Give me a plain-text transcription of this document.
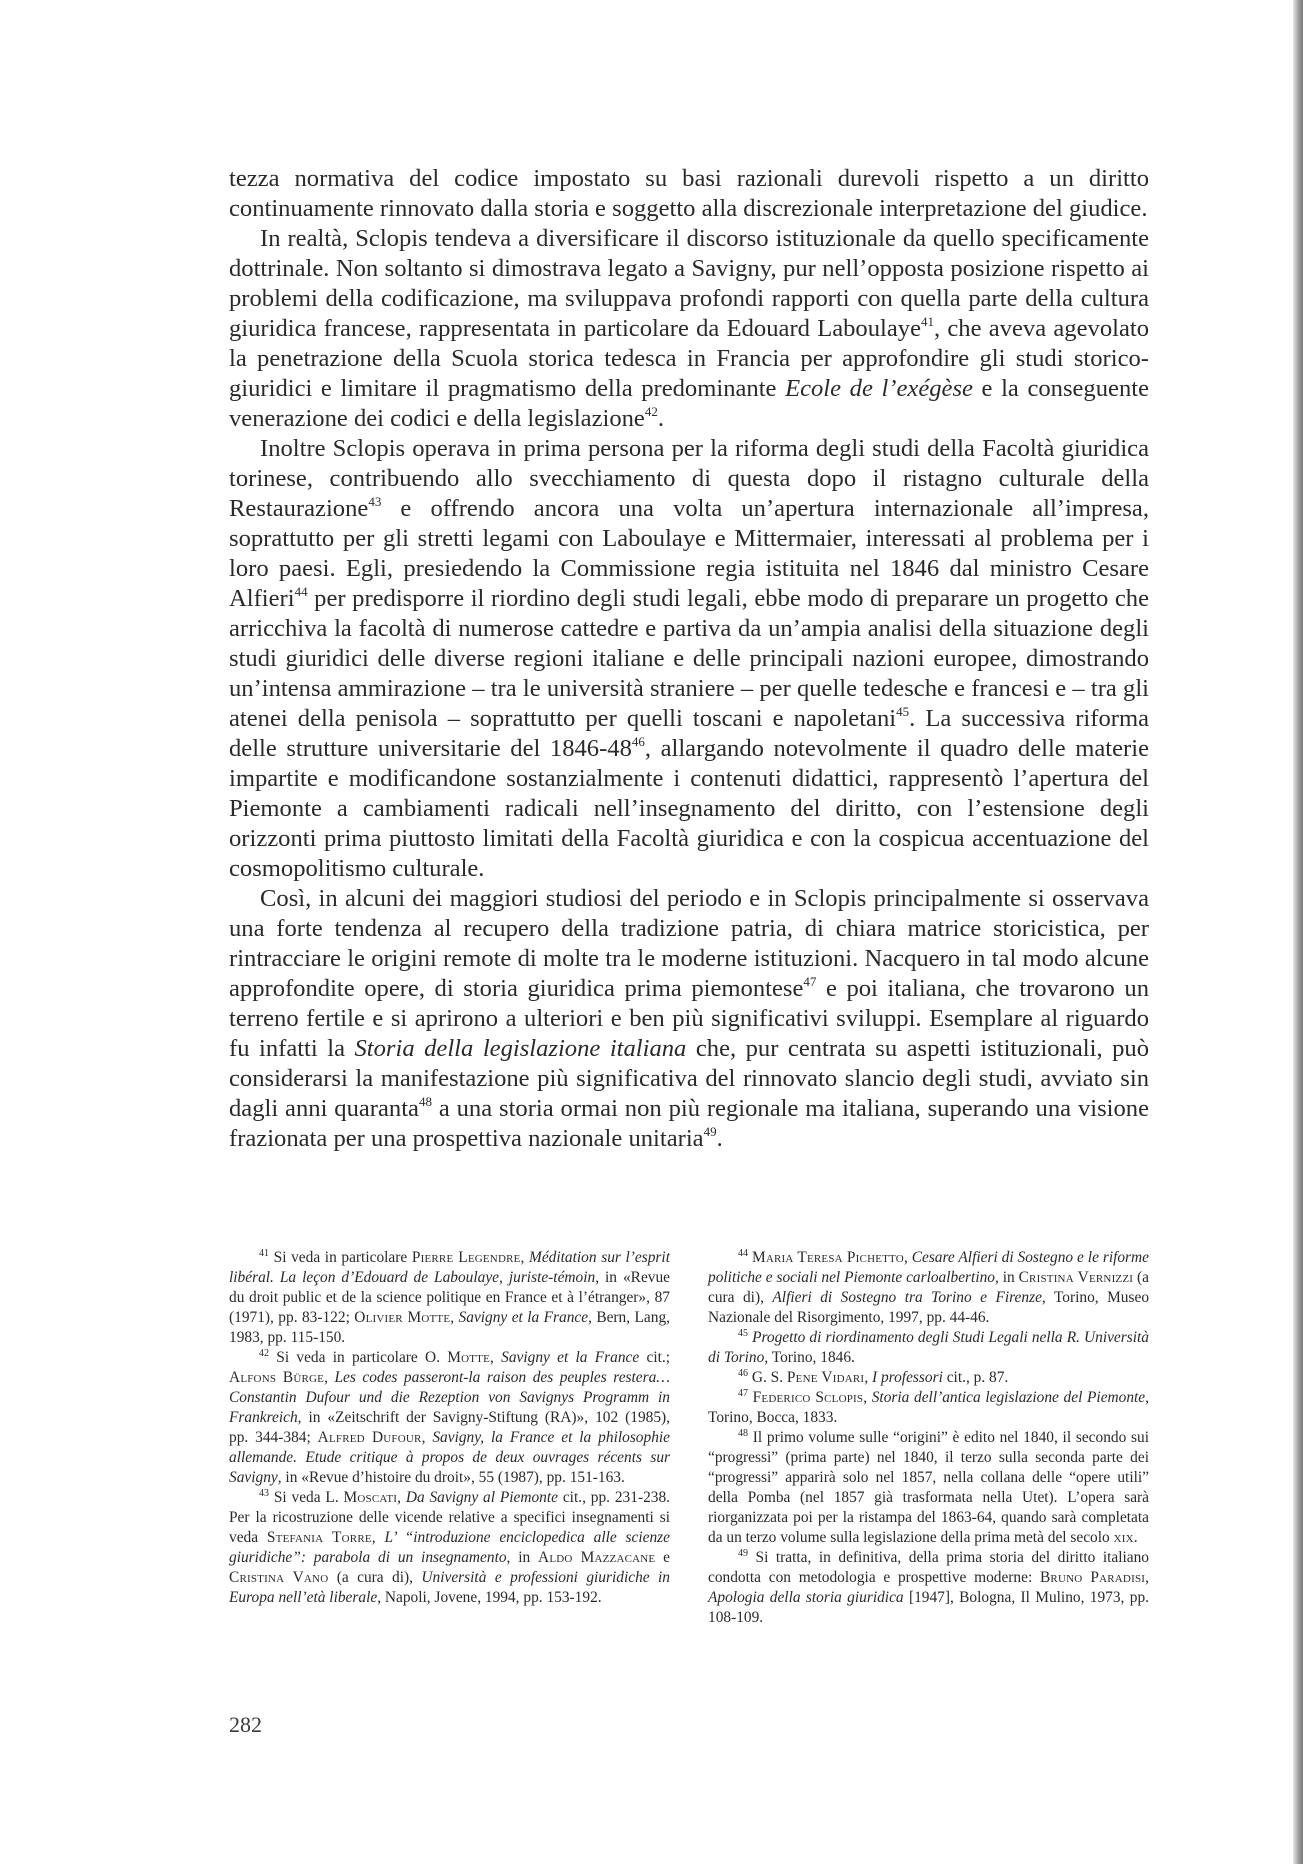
tezza normativa del codice impostato su basi razionali durevoli rispetto a un diritto continuamente rinnovato dalla storia e soggetto alla discrezionale interpretazione del giudice.

In realtà, Sclopis tendeva a diversificare il discorso istituzionale da quello specificamente dottrinale. Non soltanto si dimostrava legato a Savigny, pur nell’opposta posizione rispetto ai problemi della codificazione, ma sviluppava profondi rapporti con quella parte della cultura giuridica francese, rappresentata in particolare da Edouard Laboulaye$^{41}$, che aveva agevolato la penetrazione della Scuola storica tedesca in Francia per approfondire gli studi storico-giuridici e limitare il pragmatismo della predominante Ecole de l’exégèse e la conseguente venerazione dei codici e della legislazione$^{42}$.

Inoltre Sclopis operava in prima persona per la riforma degli studi della Facoltà giuridica torinese, contribuendo allo svecchiamento di questa dopo il ristagno culturale della Restaurazione$^{43}$ e offrendo ancora una volta un’apertura internazionale all’impresa, soprattutto per gli stretti legami con Laboulaye e Mittermaier, interessati al problema per i loro paesi. Egli, presiedendo la Commissione regia istituita nel 1846 dal ministro Cesare Alfieri$^{44}$ per predisporre il riordino degli studi legali, ebbe modo di preparare un progetto che arricchiva la facoltà di numerose cattedre e partiva da un’ampia analisi della situazione degli studi giuridici delle diverse regioni italiane e delle principali nazioni europee, dimostrando un’intensa ammirazione – tra le università straniere – per quelle tedesche e francesi e – tra gli atenei della penisola – soprattutto per quelli toscani e napoletani$^{45}$. La successiva riforma delle strutture universitarie del $1846-48^{46}$, allargando notevolmente il quadro delle materie impartite e modificandone sostanzialmente i contenuti didattici, rappresentò l’apertura del Piemonte a cambiamenti radicali nell’insegnamento del diritto, con l’estensione degli orizzonti prima piuttosto limitati della Facoltà giuridica e con la cospicua accentuazione del cosmopolitismo culturale.

Così, in alcuni dei maggiori studiosi del periodo e in Sclopis principalmente si osservava una forte tendenza al recupero della tradizione patria, di chiara matrice storicistica, per rintracciare le origini remote di molte tra le moderne istituzioni. Nacquero in tal modo alcune approfondite opere, di storia giuridica prima piemontese$^{47}$ e poi italiana, che trovarono un terreno fertile e si aprirono a ulteriori e ben più significativi sviluppi. Esemplare al riguardo fu infatti la Storia della legislazione italiana che, pur centrata su aspetti istituzionali, può considerarsi la manifestazione più significativa del rinnovato slancio degli studi, avviato sin dagli anni quaranta$^{48}$ a una storia ormai non più regionale ma italiana, superando una visione frazionata per una prospettiva nazionale unitaria$^{49}$.

$^{41}$ Si veda in particolare Pierre Legendre, Méditation sur l’esprit libéral. La leçon d’Edouard de Laboulaye, juriste-témoin, in «Revue du droit public et de la science politique en France et à l’étranger», 87 (1971), pp. 83-122; Olivier Motte, Savigny et la France, Bern, Lang, 1983, pp. 115-150.

$^{42}$ Si veda in particolare O. Motte, Savigny et la France cit.; Alfons Bürge, Les codes passeront-la raison des peuples restera… Constantin Dufour und die Rezeption von Savignys Programm in Frankreich, in «Zeitschrift der Savigny-Stiftung (RA)», 102 (1985), pp. 344-384; Alfred Dufour, Savigny, la France et la philosophie allemande. Etude critique à propos de deux ouvrages récents sur Savigny, in «Revue d’histoire du droit», 55 (1987), pp. 151-163.

$^{43}$ Si veda L. Moscati, Da Savigny al Piemonte cit., pp. 231-238. Per la ricostruzione delle vicende relative a specifici insegnamenti si veda Stefania Torre, L’ “introduzione enciclopedica alle scienze giuridiche”: parabola di un insegnamento, in Aldo Mazzacane e Cristina Vano (a cura di), Università e professioni giuridiche in Europa nell’età liberale, Napoli, Jovene, 1994, pp. 153-192.

$^{44}$ Maria Teresa Pichetto, Cesare Alfieri di Sostegno e le riforme politiche e sociali nel Piemonte carloalbertino, in Cristina Vernizzi (a cura di), Alfieri di Sostegno tra Torino e Firenze, Torino, Museo Nazionale del Risorgimento, 1997, pp. 44-46.

$^{45}$ Progetto di riordinamento degli Studi Legali nella R. Università di Torino, Torino, 1846.

$^{46}$ G. S. Pene Vidari, I professori cit., p. 87.

$^{47}$ Federico Sclopis, Storia dell’antica legislazione del Piemonte, Torino, Bocca, 1833.

$^{48}$ Il primo volume sulle “origini” è edito nel 1840, il secondo sui “progressi” (prima parte) nel 1840, il terzo sulla seconda parte dei “progressi” apparirà solo nel 1857, nella collana delle “opere utili” della Pomba (nel 1857 già trasformata nella Utet). L’opera sarà riorganizzata poi per la ristampa del 1863-64, quando sarà completata da un terzo volume sulla legislazione della prima metà del secolo xix.

$^{49}$ Si tratta, in definitiva, della prima storia del diritto italiano condotta con metodologia e prospettive moderne: Bruno Paradisi, Apologia della storia giuridica [1947], Bologna, Il Mulino, 1973, pp. 108-109.

282
